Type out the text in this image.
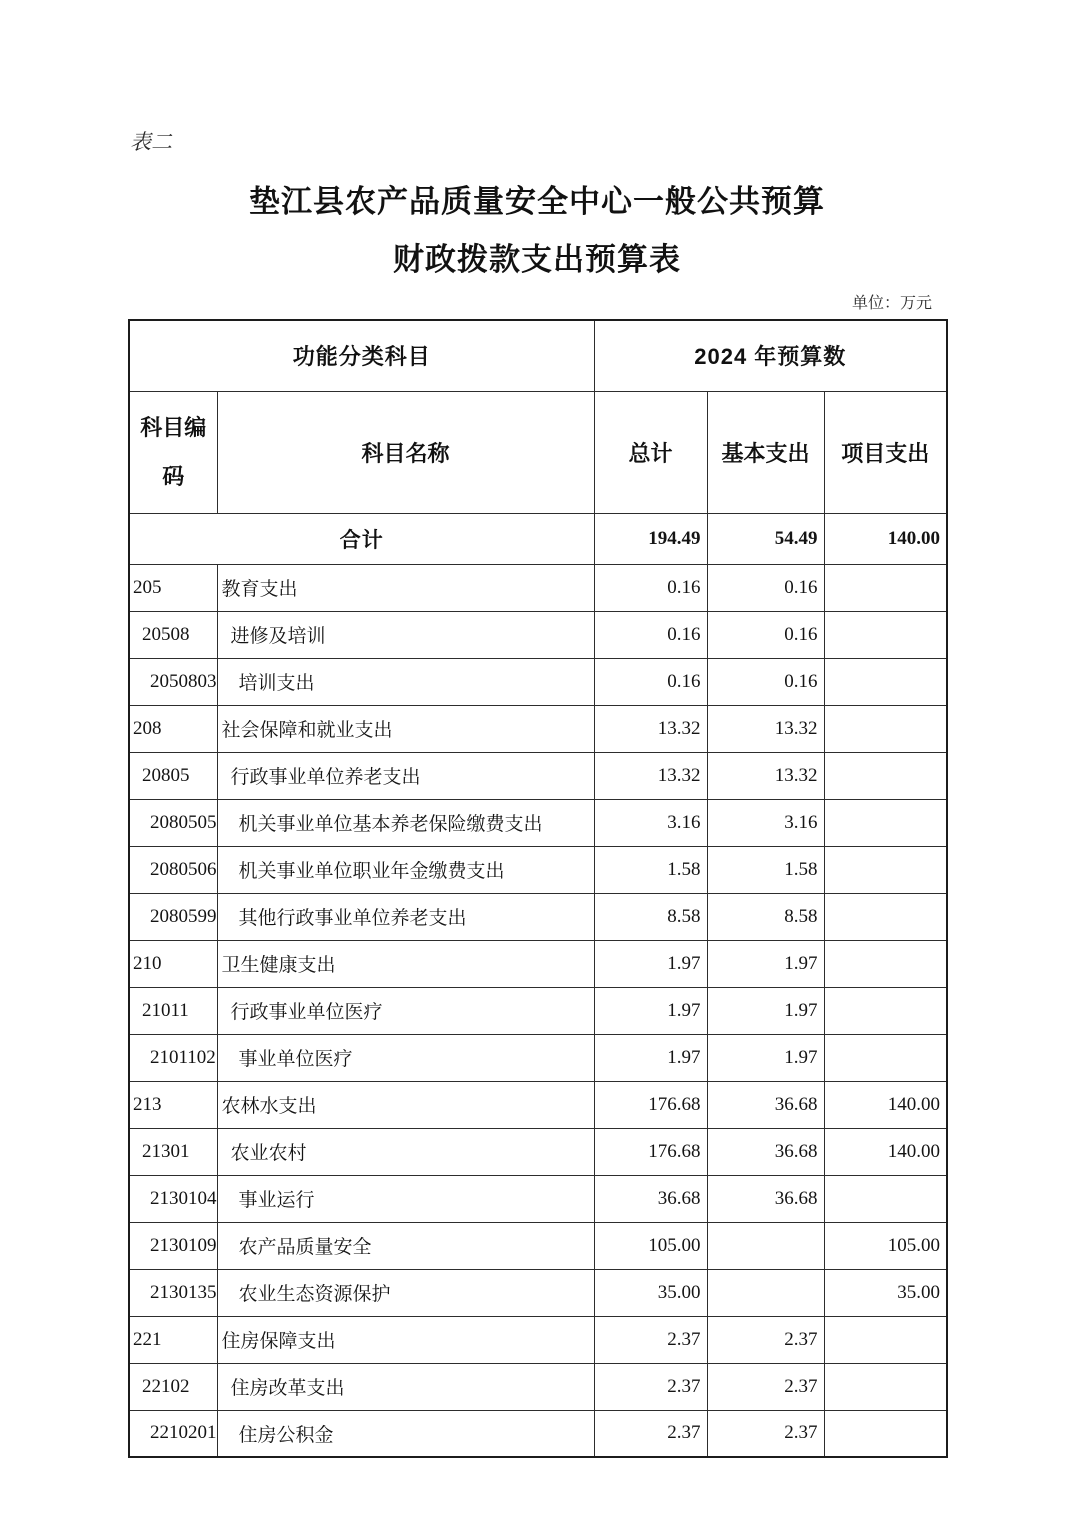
表二
垫江县农产品质量安全中心一般公共预算
财政拨款支出预算表
单位：万元
功能分类科目		2024 年预算数		

科目编码	科目名称	总计	基本支出	项目支出
合计		194.49	54.49	140.00
205	教育支出	0.16	0.16	
20508	进修及培训	0.16	0.16	
2050803	培训支出	0.16	0.16	
208	社会保障和就业支出	13.32	13.32	
20805	行政事业单位养老支出	13.32	13.32	
2080505	机关事业单位基本养老保险缴费支出	3.16	3.16	
2080506	机关事业单位职业年金缴费支出	1.58	1.58	
2080599	其他行政事业单位养老支出	8.58	8.58	
210	卫生健康支出	1.97	1.97	
21011	行政事业单位医疗	1.97	1.97	
2101102	事业单位医疗	1.97	1.97	
213	农林水支出	176.68	36.68	140.00
21301	农业农村	176.68	36.68	140.00
2130104	事业运行	36.68	36.68	
2130109	农产品质量安全	105.00		105.00
2130135	农业生态资源保护	35.00		35.00
221	住房保障支出	2.37	2.37	
22102	住房改革支出	2.37	2.37	
2210201	住房公积金	2.37	2.37	
